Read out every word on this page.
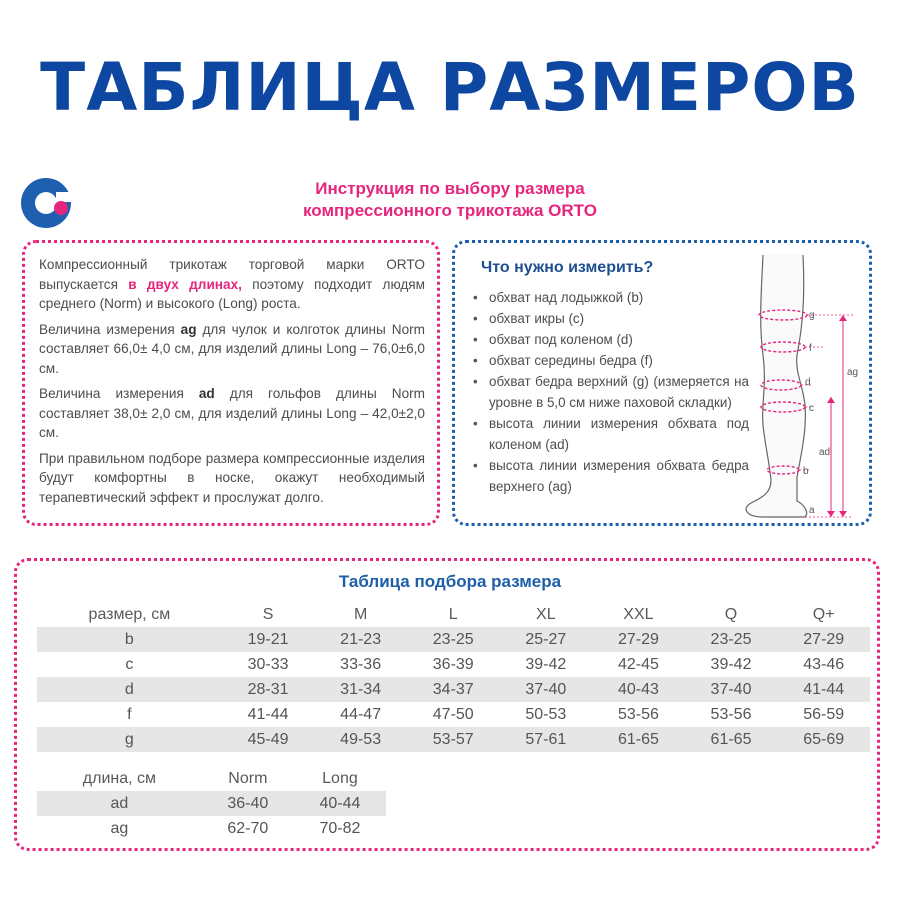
ТАБЛИЦА РАЗМЕРОВ
Инструкция по выбору размера
компрессионного трикотажа ORTO

Компрессионный трикотаж торговой марки ORTO выпускается в двух длинах, поэтому подходит людям среднего (Norm) и высокого (Long) роста.

Величина измерения ag для чулок и колготок длины Norm составляет 66,0± 4,0 см, для изделий длины Long – 76,0±6,0 см.

Величина измерения ad для гольфов длины Norm составляет 38,0± 2,0 см, для изделий длины Long – 42,0±2,0 см.

При правильном подборе размера компрессионные изделия будут комфортны в носке, окажут необходимый терапевтический эффект и прослужат долго.

Что нужно измерить?
• обхват над лодыжкой (b)
• обхват икры (c)
• обхват под коленом (d)
• обхват середины бедра (f)
• обхват бедра верхний (g) (измеряется на уровне в 5,0 см ниже паховой складки)
• высота линии измерения обхвата под коленом (ad)
• высота линии измерения обхвата бедра верхнего (ag)
g
f
d
c
b
a
ag
ad
Таблица подбора размера
размер, см	S	M	L	XL	XXL	Q	Q+
b	19-21	21-23	23-25	25-27	27-29	23-25	27-29
c	30-33	33-36	36-39	39-42	42-45	39-42	43-46
d	28-31	31-34	34-37	37-40	40-43	37-40	41-44
f	41-44	44-47	47-50	50-53	53-56	53-56	56-59
g	45-49	49-53	53-57	57-61	61-65	61-65	65-69
длина, см	Norm	Long
ad	36-40	40-44
ag	62-70	70-82
